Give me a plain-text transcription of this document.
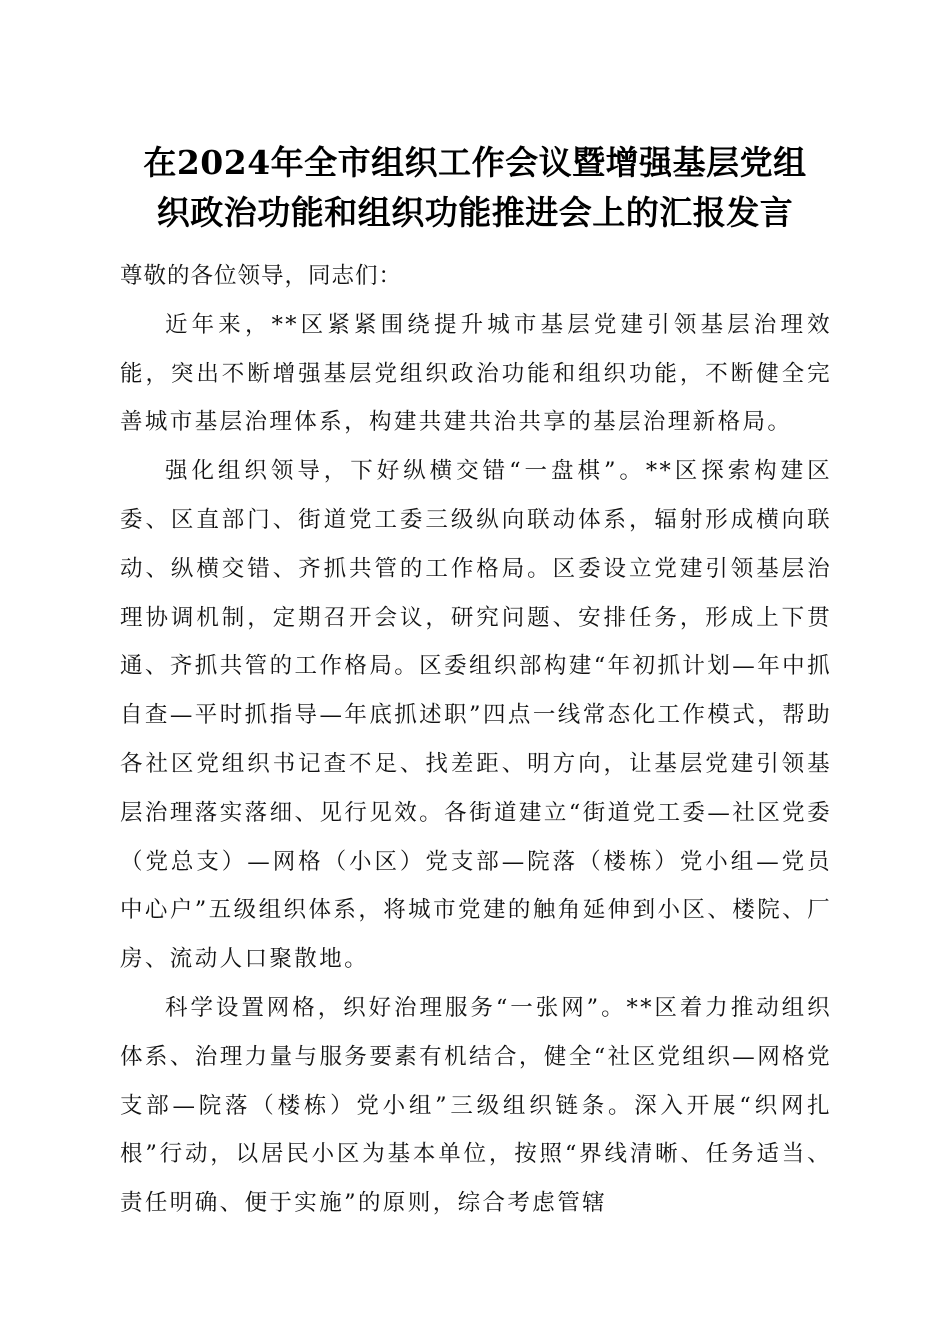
在2024年全市组织工作会议暨增强基层党组
织政治功能和组织功能推进会上的汇报发言

尊敬的各位领导，同志们：

近年来，**区紧紧围绕提升城市基层党建引领基层治理效能，突出不断增强基层党组织政治功能和组织功能，不断健全完善城市基层治理体系，构建共建共治共享的基层治理新格局。

强化组织领导，下好纵横交错“一盘棋”。**区探索构建区委、区直部门、街道党工委三级纵向联动体系，辐射形成横向联动、纵横交错、齐抓共管的工作格局。区委设立党建引领基层治理协调机制，定期召开会议，研究问题、安排任务，形成上下贯通、齐抓共管的工作格局。区委组织部构建“年初抓计划—年中抓自查—平时抓指导—年底抓述职”四点一线常态化工作模式，帮助各社区党组织书记查不足、找差距、明方向，让基层党建引领基层治理落实落细、见行见效。各街道建立“街道党工委—社区党委（党总支）—网格（小区）党支部—院落（楼栋）党小组—党员中心户”五级组织体系，将城市党建的触角延伸到小区、楼院、厂房、流动人口聚散地。

科学设置网格，织好治理服务“一张网”。**区着力推动组织体系、治理力量与服务要素有机结合，健全“社区党组织—网格党支部—院落（楼栋）党小组”三级组织链条。深入开展“织网扎根”行动，以居民小区为基本单位，按照“界线清晰、任务适当、责任明确、便于实施”的原则，综合考虑管辖
